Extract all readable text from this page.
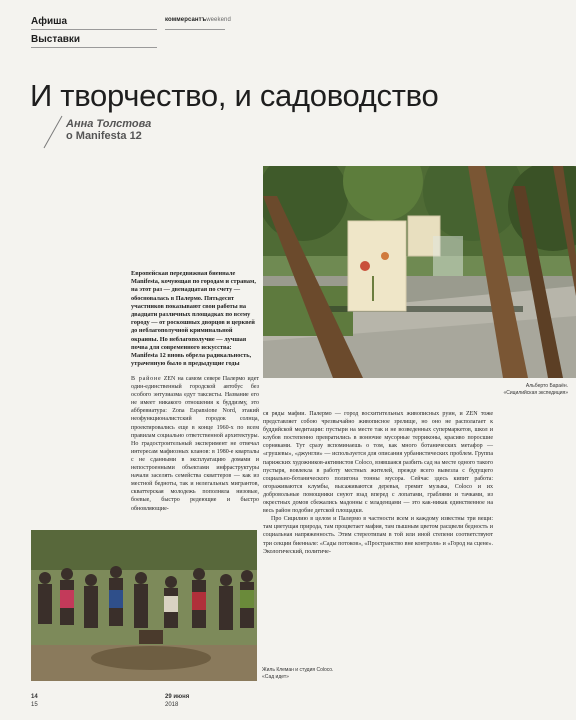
Афиша
Выставки
коммерсантъweekend
И творчество, и садоводство
Анна Толстова
о Manifesta 12
Альберто Бараён.
«Сицилийская экспедиция»

Европейская передвижная биеннале Manifesta, кочующая по городам и странам, на этот раз — двенадцатая по счету — обосновалась в Палермо. Пятьдесят участников показывают свои работы на двадцати различных площадках по всему городу — от роскошных дворцов и церквей до неблагополучной криминальной окраины. Но неблагополучие — лучшая почва для современного искусства: Manifesta 12 вновь обрела радикальность, утраченную было в предыдущие годы

В районе ZEN на самом севере Палермо идет один-единственный городской автобус без особого энтузиазма едут таксисты. Название его не имеет никакого отношения к буддизму, это аббревиатура: Zona Espansione Nord, этакий неофункционалистский городок солнца, проектировались еще в конце 1960-х по всем правилам социально ответственной архитектуры. Но градостроительный эксперимент не отвечал интересам мафиозных кланов: в 1980-е кварталы с не сданными в эксплуатацию домами и непостроенными объектами инфраструктуры начали заселять семейства скваттеров — как из местной бедноты, так и нелегальных мигрантов, скваттерская молодежь пополняла низовые, боевые, быстро редеющие и быстро обновляющие-

ся ряды мафии. Палермо — город восхитительных живописных руин, и ZEN тоже представляет собою чрезвычайно живописное зрелище, но оно не располагает к буддийской медитации: пустыри на месте так и не возведенных супермаркетов, школ и клубов постепенно превратились в вонючие мусорные терриконы, красиво поросшие сорняками. Тут сразу вспоминаешь о том, как много ботанических метафор — «грушевы», «джунгли» — используется для описания урбанистических проблем. Группа парижских художников-активистов Coloco, взявшаяся разбить сад на месте одного такого пустыря, вовлекла в работу местных жителей, прежде всего вывезла с будущего социально-ботанического полигона тонны мусора. Сейчас здесь кипит работа: огораживаются клумбы, высаживаются деревья, гремит музыка, Coloco и их добровольные помощники снуют взад вперед с лопатами, граблями и тачками, из окрестных домов сбежались мадонны с младенцами — это как-никак единственное на весь район подобие детской площадки.

Про Сицилию в целом и Палермо в частности всем и каждому известны три вещи: там цветущая природа, там процветает мафия, там пышным цветом расцвели бедность и социальная напряженность. Этим стереотипам в той или иной степени соответствуют три секции биеннале: «Сады потоков», «Пространство вне контроля» и «Город на сцене». Экологический, политиче-

Жиль Клеман и студия Coloco.
«Сад идет»
14
15
29 июня
2018
